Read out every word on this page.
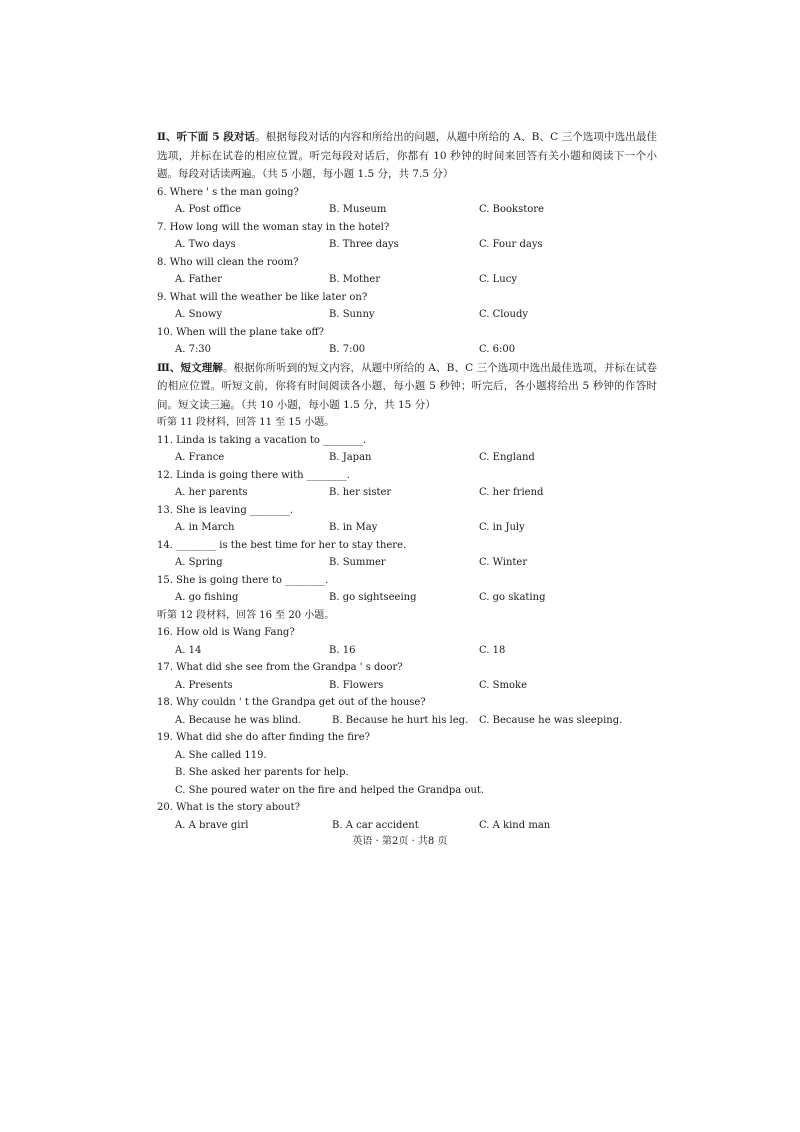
Ⅱ、听下面 5 段对话。根据每段对话的内容和所给出的问题，从题中所给的 A、B、C 三个选项中选出最佳选项，并标在试卷的相应位置。听完每段对话后，你都有 10 秒钟的时间来回答有关小题和阅读下一个小题。每段对话读两遍。（共 5 小题，每小题 1.5 分，共 7.5 分）

6. Where ' s the man going?
A. Post office	B. Museum	C. Bookstore
7. How long will the woman stay in the hotel?
A. Two days	B. Three days	C. Four days
8. Who will clean the room?
A. Father	B. Mother	C. Lucy
9. What will the weather be like later on?
A. Snowy	B. Sunny	C. Cloudy
10. When will the plane take off?
A. 7:30	B. 7:00	C. 6:00

Ⅲ、短文理解。根据你所听到的短文内容，从题中所给的 A、B、C 三个选项中选出最佳选项，并标在试卷的相应位置。听短文前，你将有时间阅读各小题，每小题 5 秒钟；听完后，各小题将给出 5 秒钟的作答时间。短文读三遍。（共 10 小题，每小题 1.5 分，共 15 分）

听第 11 段材料，回答 11 至 15 小题。
11. Linda is taking a vacation to ________.
A. France	B. Japan	C. England
12. Linda is going there with ________.
A. her parents	B. her sister	C. her friend
13. She is leaving ________.
A. in March	B. in May	C. in July
14. ________ is the best time for her to stay there.
A. Spring	B. Summer	C. Winter
15. She is going there to ________.
A. go fishing	B. go sightseeing	C. go skating
听第 12 段材料，回答 16 至 20 小题。
16. How old is Wang Fang?
A. 14	B. 16	C. 18
17. What did she see from the Grandpa ' s door?
A. Presents	B. Flowers	C. Smoke
18. Why couldn ' t the Grandpa get out of the house?
A. Because he was blind.	B. Because he hurt his leg. C. Because he was sleeping.
19. What did she do after finding the fire?
A. She called 119.
B. She asked her parents for help.
C. She poured water on the fire and helped the Grandpa out.
20. What is the story about?
A. A brave girl	B. A car accident	C. A kind man
英语 · 第2页 · 共8 页
